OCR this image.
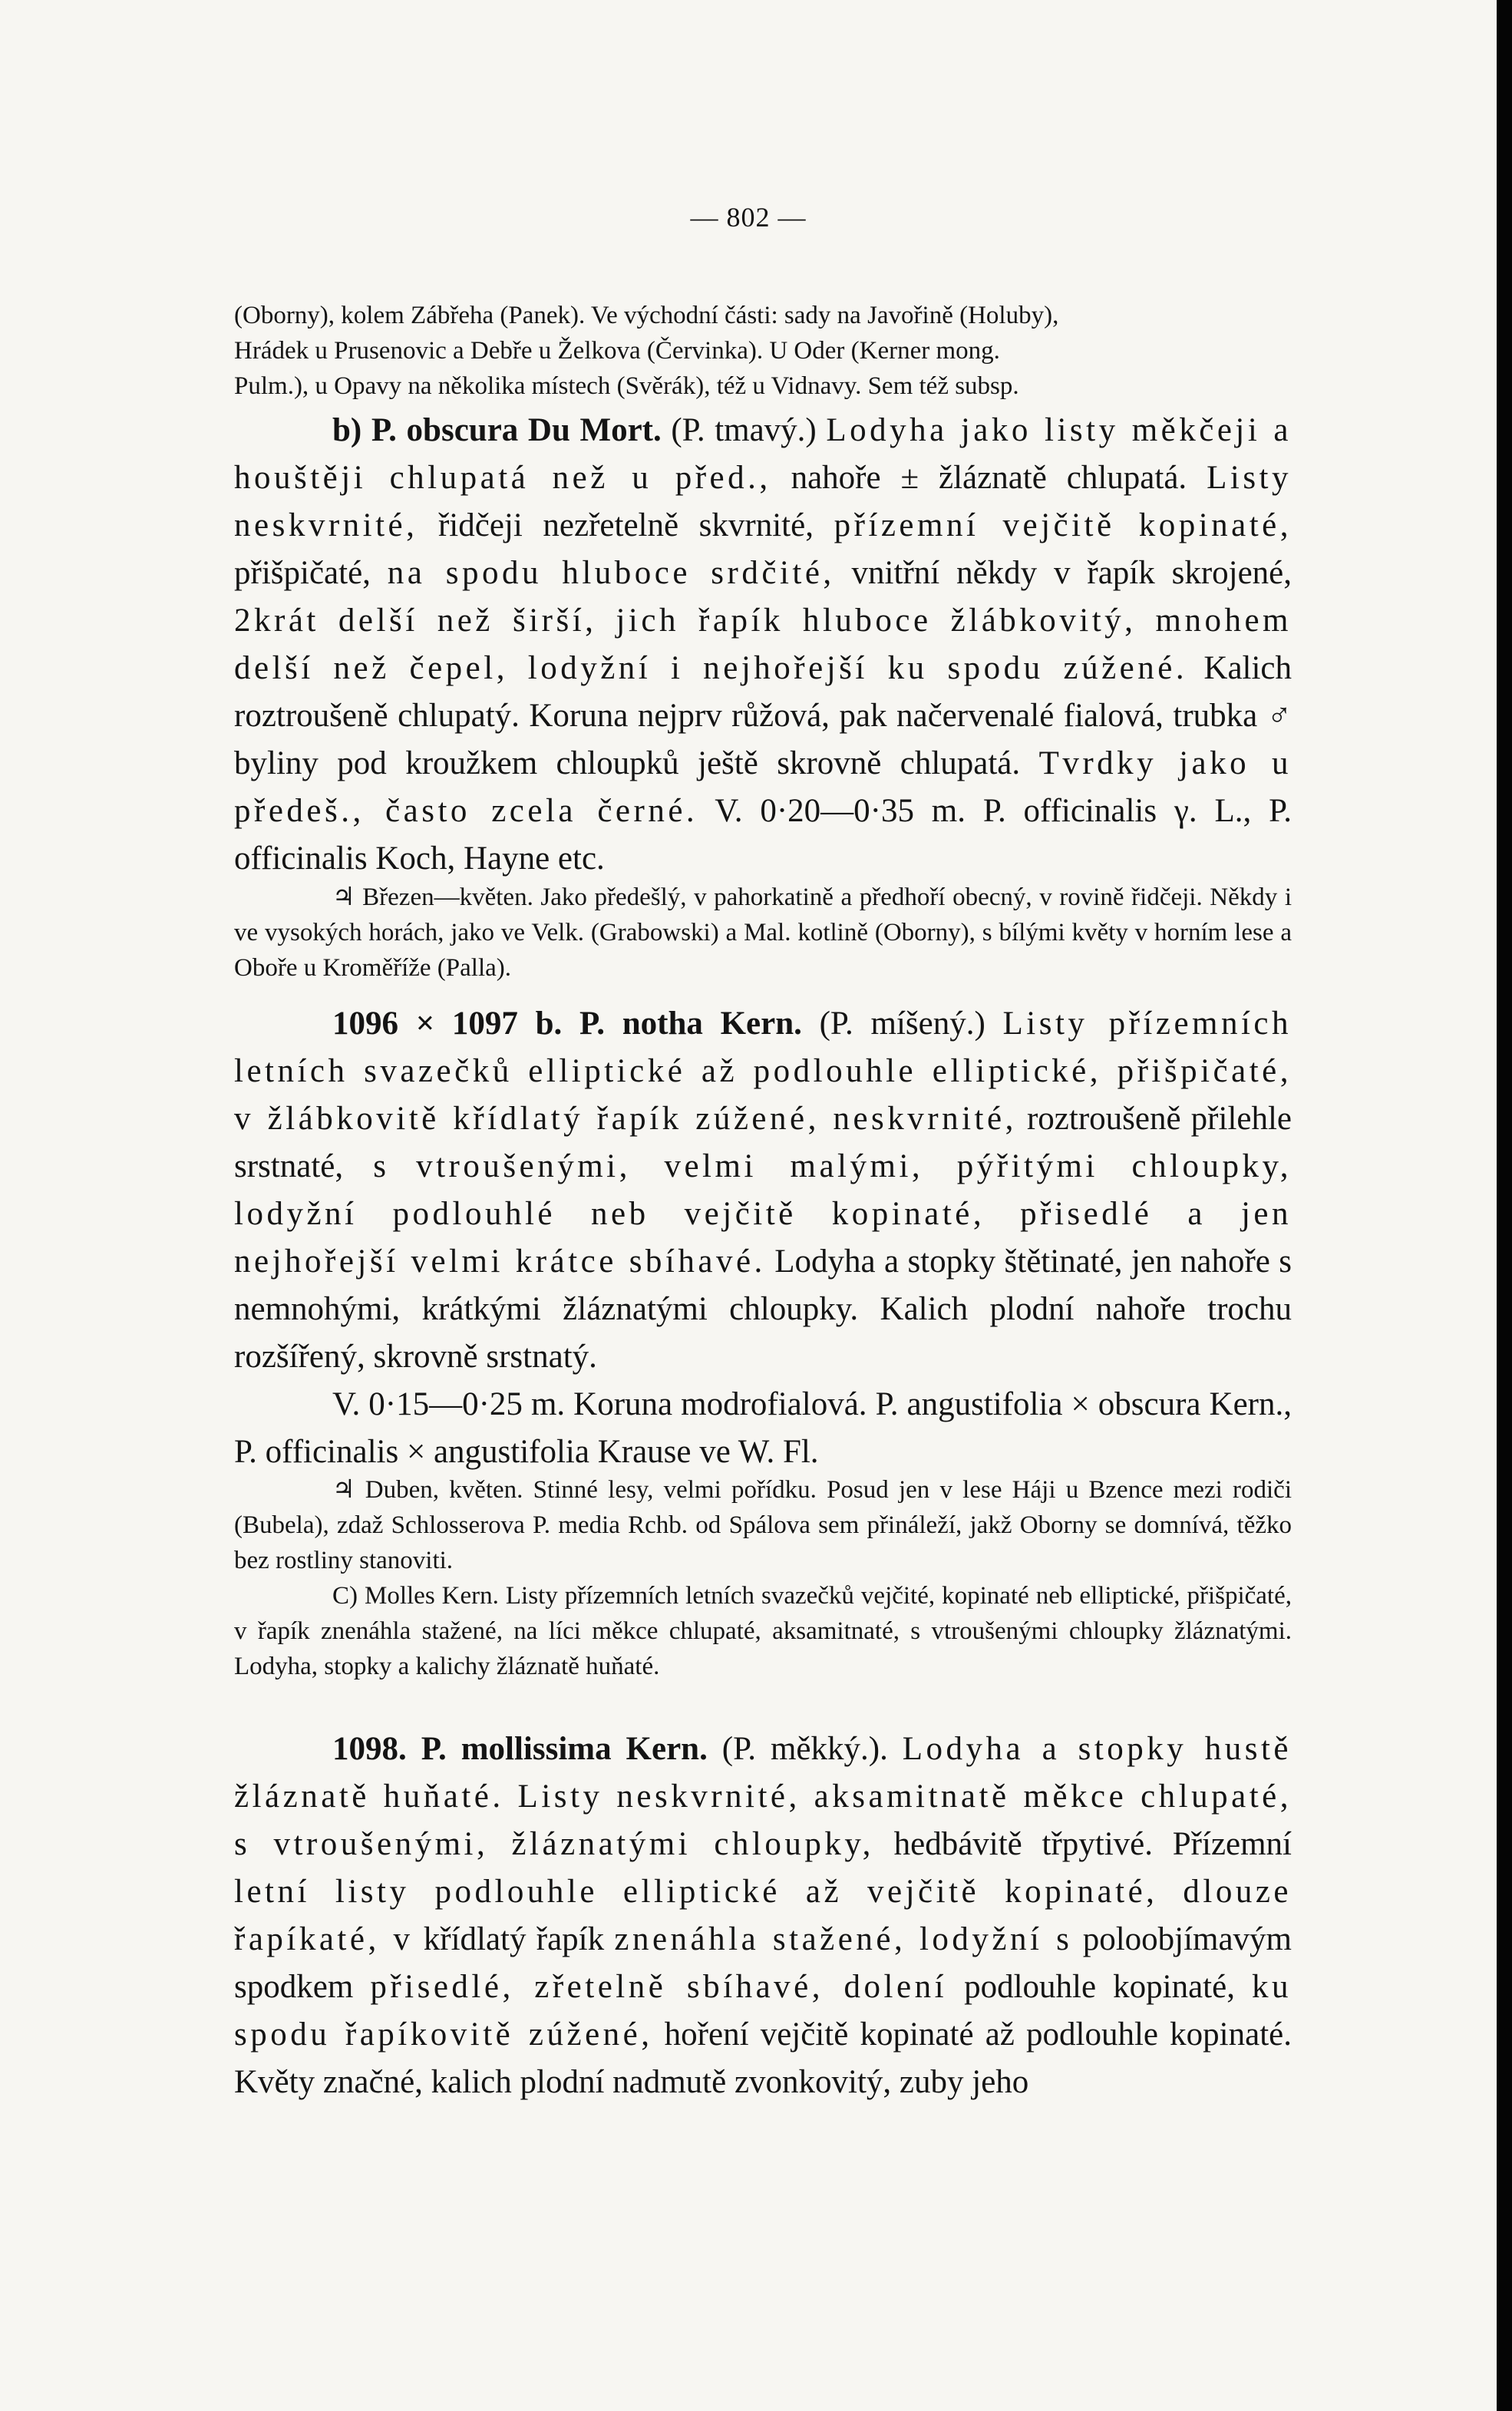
— 802 —

(Oborny), kolem Zábřeha (Panek). Ve východní části: sady na Javořině (Holuby),

Hrádek u Prusenovic a Debře u Želkova (Červinka). U Oder (Kerner mong.

Pulm.), u Opavy na několika místech (Svěrák), též u Vidnavy. Sem též subsp.

b) P. obscura Du Mort. (P. tmavý.) Lodyha jako listy měkčeji a houštěji chlupatá než u před., nahoře ± žláznatě chlupatá. Listy neskvrnité, řidčeji nezřetelně skvrnité, přízemní vejčitě kopinaté, přišpičaté, na spodu hluboce srdčité, vnitřní někdy v řapík skrojené, 2krát delší než širší, jich řapík hluboce žlábkovitý, mnohem delší než čepel, lodyžní i nejhořejší ku spodu zúžené. Kalich roztroušeně chlupatý. Koruna nejprv růžová, pak načervenalé fialová, trubka ♂ byliny pod kroužkem chloupků ještě skrovně chlupatá. Tvrdky jako u předeš., často zcela černé. V. 0·20—0·35 m. P. officinalis γ. L., P. officinalis Koch, Hayne etc.

♃ Březen—květen. Jako předešlý, v pahorkatině a předhoří obecný, v rovině řidčeji. Někdy i ve vysokých horách, jako ve Velk. (Grabowski) a Mal. kotlině (Oborny), s bílými květy v horním lese a Oboře u Kroměříže (Palla).

1096 × 1097 b. P. notha Kern. (P. míšený.) Listy přízemních letních svazečků elliptické až podlouhle elliptické, přišpičaté, v žlábkovitě křídlatý řapík zúžené, neskvrnité, roztroušeně přilehle srstnaté, s vtroušenými, velmi malými, pýřitými chloupky, lodyžní podlouhlé neb vejčitě kopinaté, přisedlé a jen nejhořejší velmi krátce sbíhavé. Lodyha a stopky štětinaté, jen nahoře s nemnohými, krátkými žláznatými chloupky. Kalich plodní nahoře trochu rozšířený, skrovně srstnatý.

V. 0·15—0·25 m. Koruna modrofialová. P. angustifolia × obscura Kern., P. officinalis × angustifolia Krause ve W. Fl.

♃ Duben, květen. Stinné lesy, velmi pořídku. Posud jen v lese Háji u Bzence mezi rodiči (Bubela), zdaž Schlosserova P. media Rchb. od Spálova sem přináleží, jakž Oborny se domnívá, těžko bez rostliny stanoviti.

C) Molles Kern. Listy přízemních letních svazečků vejčité, kopinaté neb elliptické, přišpičaté, v řapík znenáhla stažené, na líci měkce chlupaté, aksamitnaté, s vtroušenými chloupky žláznatými. Lodyha, stopky a kalichy žláznatě huňaté.

1098. P. mollissima Kern. (P. měkký.). Lodyha a stopky hustě žláznatě huňaté. Listy neskvrnité, aksamitnatě měkce chlupaté, s vtroušenými, žláznatými chloupky, hedbávitě třpytivé. Přízemní letní listy podlouhle elliptické až vejčitě kopinaté, dlouze řapíkaté, v křídlatý řapík znenáhla stažené, lodyžní s poloobjímavým spodkem přisedlé, zřetelně sbíhavé, dolení podlouhle kopinaté, ku spodu řapíkovitě zúžené, hoření vejčitě kopinaté až podlouhle kopinaté. Květy značné, kalich plodní nadmutě zvonkovitý, zuby jeho
